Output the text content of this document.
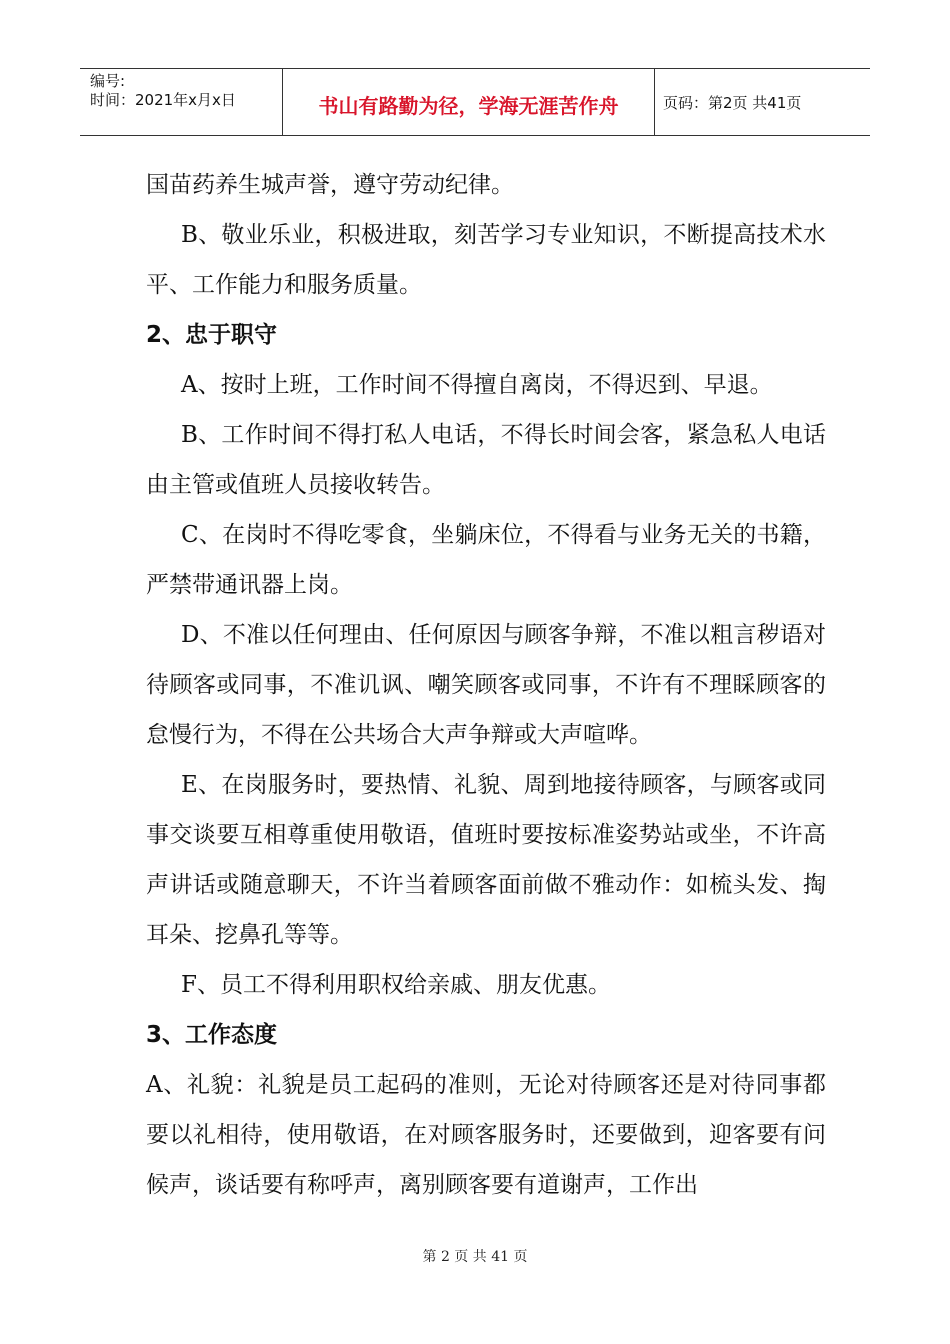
编号:
时间：2021年x月x日	书山有路勤为径，学海无涯苦作舟	页码：第2页 共41页

国苗药养生城声誉，遵守劳动纪律。

B、敬业乐业，积极进取，刻苦学习专业知识，不断提高技术水平、工作能力和服务质量。

2、忠于职守

A、按时上班，工作时间不得擅自离岗，不得迟到、早退。

B、工作时间不得打私人电话，不得长时间会客，紧急私人电话由主管或值班人员接收转告。

C、在岗时不得吃零食，坐躺床位，不得看与业务无关的书籍，严禁带通讯器上岗。

D、不准以任何理由、任何原因与顾客争辩，不准以粗言秽语对待顾客或同事，不准讥讽、嘲笑顾客或同事，不许有不理睬顾客的怠慢行为，不得在公共场合大声争辩或大声喧哗。

E、在岗服务时，要热情、礼貌、周到地接待顾客，与顾客或同事交谈要互相尊重使用敬语，值班时要按标准姿势站或坐，不许高声讲话或随意聊天，不许当着顾客面前做不雅动作：如梳头发、掏耳朵、挖鼻孔等等。

F、员工不得利用职权给亲戚、朋友优惠。

3、工作态度

A、礼貌：礼貌是员工起码的准则，无论对待顾客还是对待同事都要以礼相待，使用敬语，在对顾客服务时，还要做到，迎客要有问候声，谈话要有称呼声，离别顾客要有道谢声，工作出

第 2 页 共 41 页
